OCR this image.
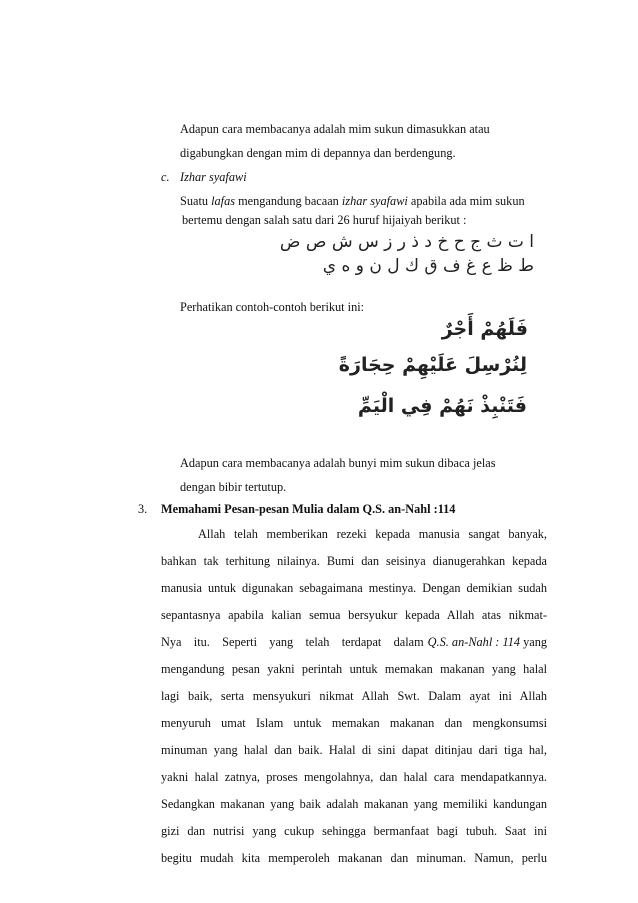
Adapun cara membacanya adalah mim sukun dimasukkan atau
digabungkan dengan mim di depannya dan berdengung.
c. Izhar syafawi
Suatu lafas mengandung bacaan izhar syafawi apabila ada mim sukun
bertemu dengan salah satu dari 26 huruf hijaiyah berikut :
ا ت ث ج ح خ د ذ ر ز س ش ص ض
ط ظ ع غ ف ق ك ل ن و ه ي
Perhatikan contoh-contoh berikut ini:
فَلَهُمْ أَجْرٌ
لِنُرْسِلَ عَلَيْهِمْ حِجَارَةً
فَتَنْبِذْ نَهُمْ فِي الْيَمِّ
Adapun cara membacanya adalah bunyi mim sukun dibaca jelas
dengan bibir tertutup.
3. Memahami Pesan-pesan Mulia dalam Q.S. an-Nahl :114
Allah telah memberikan rezeki kepada manusia sangat banyak,
bahkan tak terhitung nilainya. Bumi dan seisinya dianugerahkan kepada
manusia untuk digunakan sebagaimana mestinya. Dengan demikian sudah
sepantasnya apabila kalian semua bersyukur kepada Allah atas nikmat-
Nya itu. Seperti yang telah terdapat dalam Q.S. an-Nahl : 114 yang
mengandung pesan yakni perintah untuk memakan makanan yang halal
lagi baik, serta mensyukuri nikmat Allah Swt. Dalam ayat ini Allah
menyuruh umat Islam untuk memakan makanan dan mengkonsumsi
minuman yang halal dan baik. Halal di sini dapat ditinjau dari tiga hal,
yakni halal zatnya, proses mengolahnya, dan halal cara mendapatkannya.
Sedangkan makanan yang baik adalah makanan yang memiliki kandungan
gizi dan nutrisi yang cukup sehingga bermanfaat bagi tubuh. Saat ini
begitu mudah kita memperoleh makanan dan minuman. Namun, perlu
